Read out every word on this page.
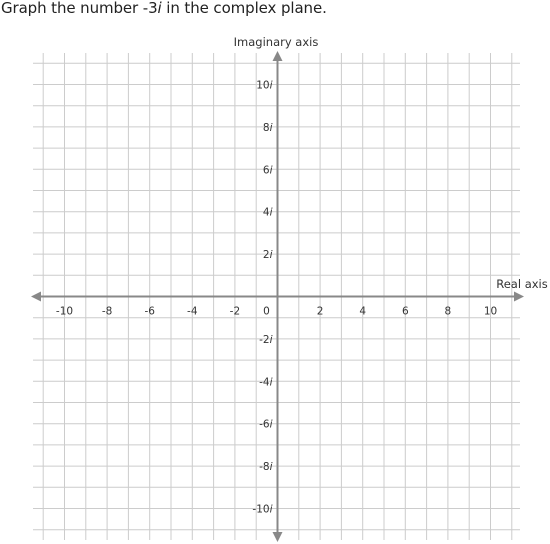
Graph the number -3i in the complex plane.
-10	-8	-6	-4	-2 0	2	4	6	8	10
10i
8i
6i
4i
2i
-2i
-4i
-6i
-8i
-10i
Imaginary axis
Real axis
